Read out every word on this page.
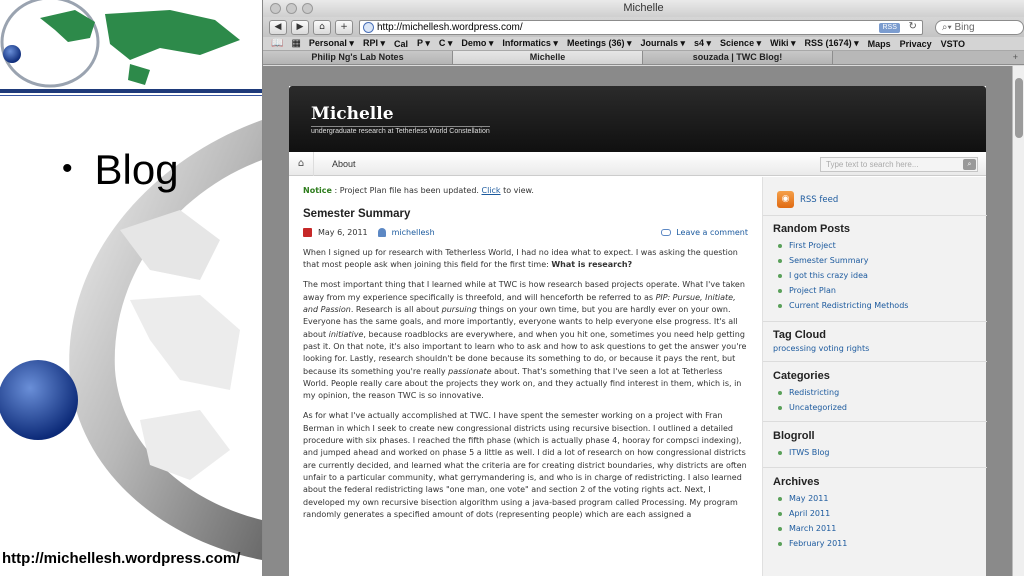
• Blog
http://michellesh.wordpress.com/
Michelle
◀	▶	⌂	+	http://michellesh.wordpress.com/	RSS	↻	⌕▾ Bing
📖 ▦ Personal ▾ RPI ▾ Cal P ▾ C ▾ Demo ▾ Informatics ▾ Meetings (36) ▾ Journals ▾ s4 ▾ Science ▾ Wiki ▾ RSS (1674) ▾ Maps Privacy VSTO
Philip Ng's Lab Notes	Michelle	souzada | TWC Blog!	+
Michelle
undergraduate research at Tetherless World Constellation
⌂	About	Type text to search here...	⌕
Notice : Project Plan file has been updated. Click to view.
Semester Summary
May 6, 2011	michellesh	Leave a comment

When I signed up for research with Tetherless World, I had no idea what to expect. I was asking the question that most people ask when joining this field for the first time: What is research?

The most important thing that I learned while at TWC is how research based projects operate. What I've taken away from my experience specifically is threefold, and will henceforth be referred to as PIP: Pursue, Initiate, and Passion. Research is all about pursuing things on your own time, but you are hardly ever on your own. Everyone has the same goals, and more importantly, everyone wants to help everyone else progress. It's all about initiative, because roadblocks are everywhere, and when you hit one, sometimes you need help getting past it. On that note, it's also important to learn who to ask and how to ask questions to get the answer you're looking for. Lastly, research shouldn't be done because its something to do, or because it pays the rent, but because its something you're really passionate about. That's something that I've seen a lot at Tetherless World. People really care about the projects they work on, and they actually find interest in them, which is, in my opinion, the reason TWC is so innovative.

As for what I've actually accomplished at TWC. I have spent the semester working on a project with Fran Berman in which I seek to create new congressional districts using recursive bisection. I outlined a detailed procedure with six phases. I reached the fifth phase (which is actually phase 4, hooray for compsci indexing), and jumped ahead and worked on phase 5 a little as well. I did a lot of research on how congressional districts are currently decided, and learned what the criteria are for creating district boundaries, why districts are often unfair to a particular community, what gerrymandering is, and who is in charge of redistricting. I also learned about the federal redistricting laws "one man, one vote" and section 2 of the voting rights act. Next, I developed my own recursive bisection algorithm using a java-based program called Processing. My program randomly generates a specified amount of dots (representing people) which are each assigned a

◉	RSS feed
Random Posts
First Project
Semester Summary
I got this crazy idea
Project Plan
Current Redistricting Methods
Tag Cloud
processing voting rights
Categories
Redistricting
Uncategorized
Blogroll
ITWS Blog
Archives
May 2011
April 2011
March 2011
February 2011
